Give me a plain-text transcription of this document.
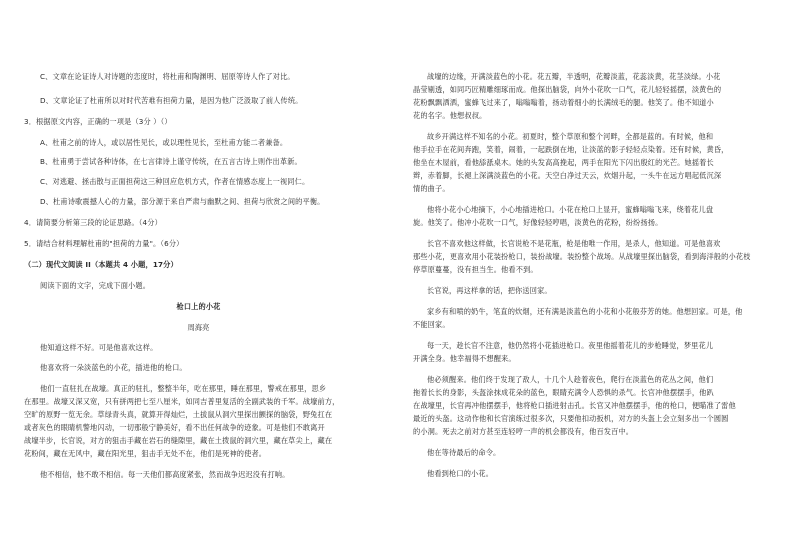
C、文章在论证诗人对诗题的恋度时，将杜甫和陶渊明、屈原等诗人作了对比。
D、文章论证了杜甫所以对时代苦难有担荷力量，是因为他广泛汲取了前人传统。
3．根据原文内容，正确的一项是（3分 ）（）
A、杜甫之前的诗人，或以居性见长，或以理性见长，至杜甫方能二者兼备。
B、杜甫勇于尝试各种诗体，在七言律诗上谨守传统，在五言古诗上则作出革新。
C、对逃避、拯击散与正面担荷这三种回应危机方式，作者在情感态度上一视同仁。
D、杜甫诗歌震撼人心的力量，部分源于来自严肃与幽默之间、担荷与欣赏之间的平衡。
4．请简要分析第三段的论证思路。（4分）
5．请结合材料理解杜甫的"担荷的力量"。（6分）
（二）现代文阅读 II（本题共 4 小题，17分）
阅读下面的文字，完成下面小题。
枪口上的小花
周海亮
他知道这样不好。可是他喜欢这样。
他喜欢将一朵淡蓝色的小花，插进他的枪口。
他们一直驻扎在战壕。真正的驻扎，整整半年，吃在那里，睡在那里，警戒在那里，思乡
在那里。战壕又深又宽，只有拼两把七至八厘米，如同吉普里复活的全副武装的千军。战壕前方，
空旷的原野一览无余。草绿青头真，就算开得灿烂，土拔鼠从洞穴里探出颤探的脑袋，野兔扛在
或者灰色的眼睛机警地闪动，一切那般宁静美好，看不出任何战争的迹象。可是他们不敢离开
战壕半步，长官说，对方的狙击手藏在岩石的缝隙里，藏在土拨鼠的洞穴里，藏在草尖上，藏在
花粉间，藏在无风中，藏在阳光里，狙击手无处不在，他们是死神的使者。
他不相信，他不敢不相信。每一天他们都高度紧张，然而战争迟迟没有打响。
战壕的边缘，开满淡蓝色的小花。花五瓣，半透明，花瓣淡蓝，花蕊淡黄，花茎淡绿。小花
晶莹剔透，如同巧匠精雕细琢而成。他探出脑袋，向外小花吹一口气，花儿轻轻摇摆，淡黄色的
花粉飘飘洒洒，蜜蜂飞过来了，嗡嗡嗡着，扬动着细小的长满绒毛的腿。他笑了。他不知道小
花的名字。他想叔叔。
故乡开满这样不知名的小花。初夏时，整个草原和整个河畔，全都是蓝的。有时候，他和
他手拉手在花间奔跑，笑着，闹着，一起跌倒在地，让淡蓝的影子轻轻点染着。还有时候，黄昏，
他坐在木屋前，看他舔舐桌木。她的头发高高挽起，两手在阳光下闪出殷红的光芒。她摇着长
辫，赤着脚，长褪上深满淡蓝色的小花。天空白净过天云，炊烟升起，一头牛在远方唱起低沉深
情的曲子。
他将小花小心地摘下，小心地插进枪口。小花在枪口上显开，蜜蜂嗡嗡飞来，绕着花儿盘
旋。他笑了。他冲小花吹一口气，好像轻轻哼唱，淡黄色的花粉，纷纷扬扬。
长官不喜欢他这样做，长官说枪不是花瓶，枪是他唯一作用，是杀人，他知道。可是他喜欢
那些小花，更喜欢用小花装扮枪口，装扮战壕。装扮整个战场。从战壕里探出脑袋，看到海洋般的小花枝
停草原蔓蔓，没有担当生。他看不到。
长官说，再这样拿的话，把你送回家。
家乡有和喷的奶牛，笔直的炊烟，还有满是淡蓝色的小花和小花般芬芳的她。他想回家。可是，他
不能回家。
每一天，趁长官不注意，他仍然将小花插进枪口。夜里他摇着花儿的步枪睡觉，梦里花儿
开满全身。他幸福得不想醒来。
他必须醒来。他们终于发现了敌人，十几个人趁着夜色，爬行在淡蓝色的花丛之间，他们
拖着长长的身影，头盔涂抹成花朵的蓝色，眼睛充满令人恐惧的杀气。长官冲他摆摆手，他趴
在战壕里，长官再冲他摆摆手，他将枪口插进射击孔。长官又冲他摆摆手，他的枪口，便瞄准了雷他
最近的头盔。这动作他和长官演练过很多次，只要他扣动扳机，对方的头盔上会立刻多出一个圆圆
的小洞。死去之前对方甚至连轻哼一声的机会都没有，他百发百中。
他在等待最后的命令。
他看到枪口的小花。
